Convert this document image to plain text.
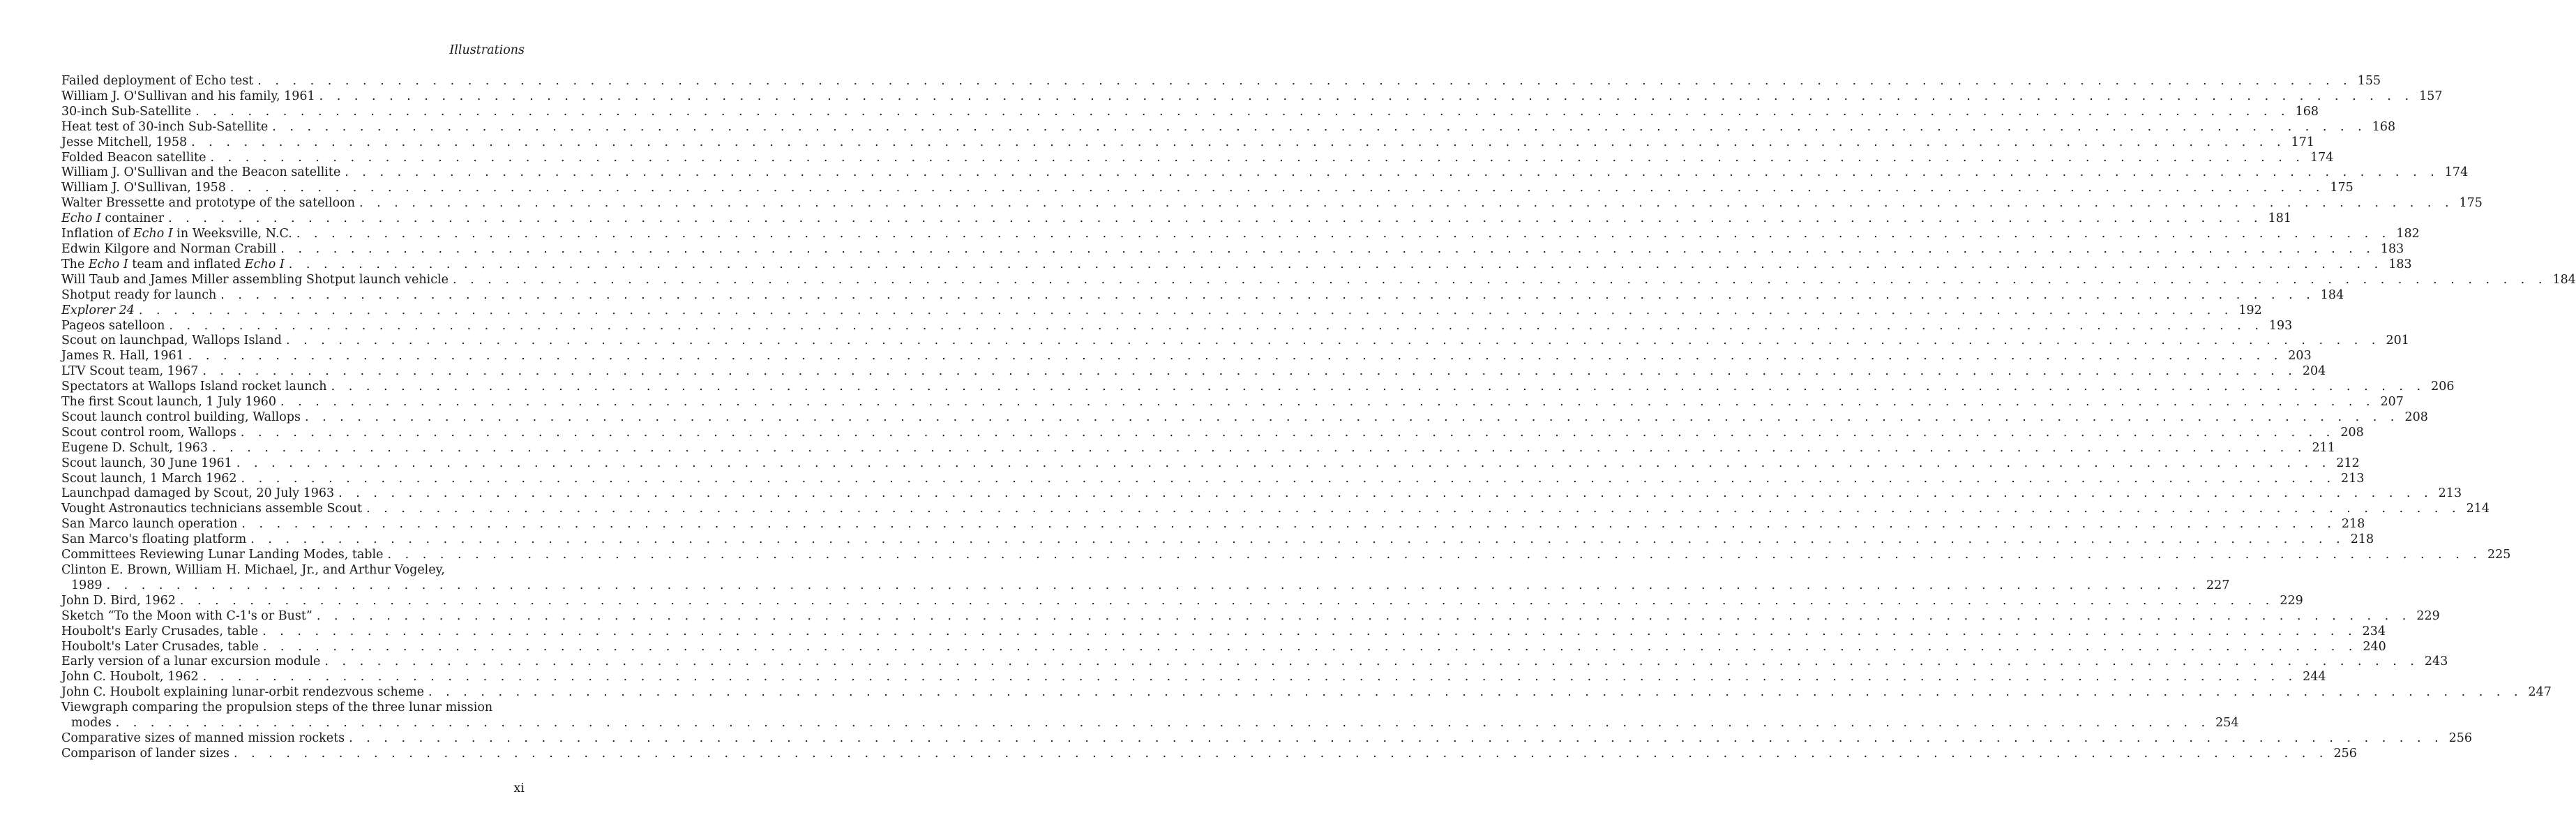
Illustrations
Failed deployment of Echo test . . . . . . . . . . . . . . . . . . . . . . . . . . . . . . . . . . . . . . . . . . . . . . . . . . . . . . . . . . . . . . . . . . . . . . . . . . . . . . . . . . . . . . . . . . . . . . . . . . . . . . . . . . . . . . . . . . . . . . . . 155
William J. O'Sullivan and his family, 1961 . . . . . . . . . . . . . . . . . . . . . . . . . . . . . . . . . . . . . . . . . . . . . . . . . . . . . . . . . . . . . . . . . . . . . . . . . . . . . . . . . . . . . . . . . . . . . . . . . . . . . . . . . . . . . . . . . . . . . . . . 157
30-inch Sub-Satellite . . . . . . . . . . . . . . . . . . . . . . . . . . . . . . . . . . . . . . . . . . . . . . . . . . . . . . . . . . . . . . . . . . . . . . . . . . . . . . . . . . . . . . . . . . . . . . . . . . . . . . . . . . . . . . . . . . . . . . . . 168
Heat test of 30-inch Sub-Satellite . . . . . . . . . . . . . . . . . . . . . . . . . . . . . . . . . . . . . . . . . . . . . . . . . . . . . . . . . . . . . . . . . . . . . . . . . . . . . . . . . . . . . . . . . . . . . . . . . . . . . . . . . . . . . . . . . . . . . . . . 168
Jesse Mitchell, 1958 . . . . . . . . . . . . . . . . . . . . . . . . . . . . . . . . . . . . . . . . . . . . . . . . . . . . . . . . . . . . . . . . . . . . . . . . . . . . . . . . . . . . . . . . . . . . . . . . . . . . . . . . . . . . . . . . . . . . . . . . 171
Folded Beacon satellite . . . . . . . . . . . . . . . . . . . . . . . . . . . . . . . . . . . . . . . . . . . . . . . . . . . . . . . . . . . . . . . . . . . . . . . . . . . . . . . . . . . . . . . . . . . . . . . . . . . . . . . . . . . . . . . . . . . . . . . . 174
William J. O'Sullivan and the Beacon satellite . . . . . . . . . . . . . . . . . . . . . . . . . . . . . . . . . . . . . . . . . . . . . . . . . . . . . . . . . . . . . . . . . . . . . . . . . . . . . . . . . . . . . . . . . . . . . . . . . . . . . . . . . . . . . . . . . . . . . . . . 174
William J. O'Sullivan, 1958 . . . . . . . . . . . . . . . . . . . . . . . . . . . . . . . . . . . . . . . . . . . . . . . . . . . . . . . . . . . . . . . . . . . . . . . . . . . . . . . . . . . . . . . . . . . . . . . . . . . . . . . . . . . . . . . . . . . . . . . . 175
Walter Bressette and prototype of the satelloon . . . . . . . . . . . . . . . . . . . . . . . . . . . . . . . . . . . . . . . . . . . . . . . . . . . . . . . . . . . . . . . . . . . . . . . . . . . . . . . . . . . . . . . . . . . . . . . . . . . . . . . . . . . . . . . . . . . . . . . . 175
Echo I container . . . . . . . . . . . . . . . . . . . . . . . . . . . . . . . . . . . . . . . . . . . . . . . . . . . . . . . . . . . . . . . . . . . . . . . . . . . . . . . . . . . . . . . . . . . . . . . . . . . . . . . . . . . . . . . . . . . . . . . . 181
Inflation of Echo I in Weeksville, N.C. . . . . . . . . . . . . . . . . . . . . . . . . . . . . . . . . . . . . . . . . . . . . . . . . . . . . . . . . . . . . . . . . . . . . . . . . . . . . . . . . . . . . . . . . . . . . . . . . . . . . . . . . . . . . . . . . . . . . . . . . 182
Edwin Kilgore and Norman Crabill . . . . . . . . . . . . . . . . . . . . . . . . . . . . . . . . . . . . . . . . . . . . . . . . . . . . . . . . . . . . . . . . . . . . . . . . . . . . . . . . . . . . . . . . . . . . . . . . . . . . . . . . . . . . . . . . . . . . . . . . 183
The Echo I team and inflated Echo I . . . . . . . . . . . . . . . . . . . . . . . . . . . . . . . . . . . . . . . . . . . . . . . . . . . . . . . . . . . . . . . . . . . . . . . . . . . . . . . . . . . . . . . . . . . . . . . . . . . . . . . . . . . . . . . . . . . . . . . . 183
Will Taub and James Miller assembling Shotput launch vehicle . . . . . . . . . . . . . . . . . . . . . . . . . . . . . . . . . . . . . . . . . . . . . . . . . . . . . . . . . . . . . . . . . . . . . . . . . . . . . . . . . . . . . . . . . . . . . . . . . . . . . . . . . . . . . . . . . . . . . . . . 184
Shotput ready for launch . . . . . . . . . . . . . . . . . . . . . . . . . . . . . . . . . . . . . . . . . . . . . . . . . . . . . . . . . . . . . . . . . . . . . . . . . . . . . . . . . . . . . . . . . . . . . . . . . . . . . . . . . . . . . . . . . . . . . . . . 184
Explorer 24 . . . . . . . . . . . . . . . . . . . . . . . . . . . . . . . . . . . . . . . . . . . . . . . . . . . . . . . . . . . . . . . . . . . . . . . . . . . . . . . . . . . . . . . . . . . . . . . . . . . . . . . . . . . . . . . . . . . . . . . . 192
Pageos satelloon . . . . . . . . . . . . . . . . . . . . . . . . . . . . . . . . . . . . . . . . . . . . . . . . . . . . . . . . . . . . . . . . . . . . . . . . . . . . . . . . . . . . . . . . . . . . . . . . . . . . . . . . . . . . . . . . . . . . . . . . 193
Scout on launchpad, Wallops Island . . . . . . . . . . . . . . . . . . . . . . . . . . . . . . . . . . . . . . . . . . . . . . . . . . . . . . . . . . . . . . . . . . . . . . . . . . . . . . . . . . . . . . . . . . . . . . . . . . . . . . . . . . . . . . . . . . . . . . . . 201
James R. Hall, 1961 . . . . . . . . . . . . . . . . . . . . . . . . . . . . . . . . . . . . . . . . . . . . . . . . . . . . . . . . . . . . . . . . . . . . . . . . . . . . . . . . . . . . . . . . . . . . . . . . . . . . . . . . . . . . . . . . . . . . . . . . 203
LTV Scout team, 1967 . . . . . . . . . . . . . . . . . . . . . . . . . . . . . . . . . . . . . . . . . . . . . . . . . . . . . . . . . . . . . . . . . . . . . . . . . . . . . . . . . . . . . . . . . . . . . . . . . . . . . . . . . . . . . . . . . . . . . . . . 204
Spectators at Wallops Island rocket launch . . . . . . . . . . . . . . . . . . . . . . . . . . . . . . . . . . . . . . . . . . . . . . . . . . . . . . . . . . . . . . . . . . . . . . . . . . . . . . . . . . . . . . . . . . . . . . . . . . . . . . . . . . . . . . . . . . . . . . . . 206
The first Scout launch, 1 July 1960 . . . . . . . . . . . . . . . . . . . . . . . . . . . . . . . . . . . . . . . . . . . . . . . . . . . . . . . . . . . . . . . . . . . . . . . . . . . . . . . . . . . . . . . . . . . . . . . . . . . . . . . . . . . . . . . . . . . . . . . . 207
Scout launch control building, Wallops . . . . . . . . . . . . . . . . . . . . . . . . . . . . . . . . . . . . . . . . . . . . . . . . . . . . . . . . . . . . . . . . . . . . . . . . . . . . . . . . . . . . . . . . . . . . . . . . . . . . . . . . . . . . . . . . . . . . . . . . 208
Scout control room, Wallops . . . . . . . . . . . . . . . . . . . . . . . . . . . . . . . . . . . . . . . . . . . . . . . . . . . . . . . . . . . . . . . . . . . . . . . . . . . . . . . . . . . . . . . . . . . . . . . . . . . . . . . . . . . . . . . . . . . . . . . . 208
Eugene D. Schult, 1963 . . . . . . . . . . . . . . . . . . . . . . . . . . . . . . . . . . . . . . . . . . . . . . . . . . . . . . . . . . . . . . . . . . . . . . . . . . . . . . . . . . . . . . . . . . . . . . . . . . . . . . . . . . . . . . . . . . . . . . . . 211
Scout launch, 30 June 1961 . . . . . . . . . . . . . . . . . . . . . . . . . . . . . . . . . . . . . . . . . . . . . . . . . . . . . . . . . . . . . . . . . . . . . . . . . . . . . . . . . . . . . . . . . . . . . . . . . . . . . . . . . . . . . . . . . . . . . . . . 212
Scout launch, 1 March 1962 . . . . . . . . . . . . . . . . . . . . . . . . . . . . . . . . . . . . . . . . . . . . . . . . . . . . . . . . . . . . . . . . . . . . . . . . . . . . . . . . . . . . . . . . . . . . . . . . . . . . . . . . . . . . . . . . . . . . . . . . 213
Launchpad damaged by Scout, 20 July 1963 . . . . . . . . . . . . . . . . . . . . . . . . . . . . . . . . . . . . . . . . . . . . . . . . . . . . . . . . . . . . . . . . . . . . . . . . . . . . . . . . . . . . . . . . . . . . . . . . . . . . . . . . . . . . . . . . . . . . . . . . 213
Vought Astronautics technicians assemble Scout . . . . . . . . . . . . . . . . . . . . . . . . . . . . . . . . . . . . . . . . . . . . . . . . . . . . . . . . . . . . . . . . . . . . . . . . . . . . . . . . . . . . . . . . . . . . . . . . . . . . . . . . . . . . . . . . . . . . . . . . 214
San Marco launch operation . . . . . . . . . . . . . . . . . . . . . . . . . . . . . . . . . . . . . . . . . . . . . . . . . . . . . . . . . . . . . . . . . . . . . . . . . . . . . . . . . . . . . . . . . . . . . . . . . . . . . . . . . . . . . . . . . . . . . . . . 218
San Marco's floating platform . . . . . . . . . . . . . . . . . . . . . . . . . . . . . . . . . . . . . . . . . . . . . . . . . . . . . . . . . . . . . . . . . . . . . . . . . . . . . . . . . . . . . . . . . . . . . . . . . . . . . . . . . . . . . . . . . . . . . . . . 218
Committees Reviewing Lunar Landing Modes, table . . . . . . . . . . . . . . . . . . . . . . . . . . . . . . . . . . . . . . . . . . . . . . . . . . . . . . . . . . . . . . . . . . . . . . . . . . . . . . . . . . . . . . . . . . . . . . . . . . . . . . . . . . . . . . . . . . . . . . . . 225
Clinton E. Brown, William H. Michael, Jr., and Arthur Vogeley,
1989 . . . . . . . . . . . . . . . . . . . . . . . . . . . . . . . . . . . . . . . . . . . . . . . . . . . . . . . . . . . . . . . . . . . . . . . . . . . . . . . . . . . . . . . . . . . . . . . . . . . . . . . . . . . . . . . . . . . . . . . . 227
John D. Bird, 1962 . . . . . . . . . . . . . . . . . . . . . . . . . . . . . . . . . . . . . . . . . . . . . . . . . . . . . . . . . . . . . . . . . . . . . . . . . . . . . . . . . . . . . . . . . . . . . . . . . . . . . . . . . . . . . . . . . . . . . . . . 229
Sketch “To the Moon with C-1's or Bust” . . . . . . . . . . . . . . . . . . . . . . . . . . . . . . . . . . . . . . . . . . . . . . . . . . . . . . . . . . . . . . . . . . . . . . . . . . . . . . . . . . . . . . . . . . . . . . . . . . . . . . . . . . . . . . . . . . . . . . . . 229
Houbolt's Early Crusades, table . . . . . . . . . . . . . . . . . . . . . . . . . . . . . . . . . . . . . . . . . . . . . . . . . . . . . . . . . . . . . . . . . . . . . . . . . . . . . . . . . . . . . . . . . . . . . . . . . . . . . . . . . . . . . . . . . . . . . . . . 234
Houbolt's Later Crusades, table . . . . . . . . . . . . . . . . . . . . . . . . . . . . . . . . . . . . . . . . . . . . . . . . . . . . . . . . . . . . . . . . . . . . . . . . . . . . . . . . . . . . . . . . . . . . . . . . . . . . . . . . . . . . . . . . . . . . . . . . 240
Early version of a lunar excursion module . . . . . . . . . . . . . . . . . . . . . . . . . . . . . . . . . . . . . . . . . . . . . . . . . . . . . . . . . . . . . . . . . . . . . . . . . . . . . . . . . . . . . . . . . . . . . . . . . . . . . . . . . . . . . . . . . . . . . . . . 243
John C. Houbolt, 1962 . . . . . . . . . . . . . . . . . . . . . . . . . . . . . . . . . . . . . . . . . . . . . . . . . . . . . . . . . . . . . . . . . . . . . . . . . . . . . . . . . . . . . . . . . . . . . . . . . . . . . . . . . . . . . . . . . . . . . . . . 244
John C. Houbolt explaining lunar-orbit rendezvous scheme . . . . . . . . . . . . . . . . . . . . . . . . . . . . . . . . . . . . . . . . . . . . . . . . . . . . . . . . . . . . . . . . . . . . . . . . . . . . . . . . . . . . . . . . . . . . . . . . . . . . . . . . . . . . . . . . . . . . . . . . 247
Viewgraph comparing the propulsion steps of the three lunar mission
modes . . . . . . . . . . . . . . . . . . . . . . . . . . . . . . . . . . . . . . . . . . . . . . . . . . . . . . . . . . . . . . . . . . . . . . . . . . . . . . . . . . . . . . . . . . . . . . . . . . . . . . . . . . . . . . . . . . . . . . . . 254
Comparative sizes of manned mission rockets . . . . . . . . . . . . . . . . . . . . . . . . . . . . . . . . . . . . . . . . . . . . . . . . . . . . . . . . . . . . . . . . . . . . . . . . . . . . . . . . . . . . . . . . . . . . . . . . . . . . . . . . . . . . . . . . . . . . . . . . 256
Comparison of lander sizes . . . . . . . . . . . . . . . . . . . . . . . . . . . . . . . . . . . . . . . . . . . . . . . . . . . . . . . . . . . . . . . . . . . . . . . . . . . . . . . . . . . . . . . . . . . . . . . . . . . . . . . . . . . . . . . . . . . . . . . . 256
xi
